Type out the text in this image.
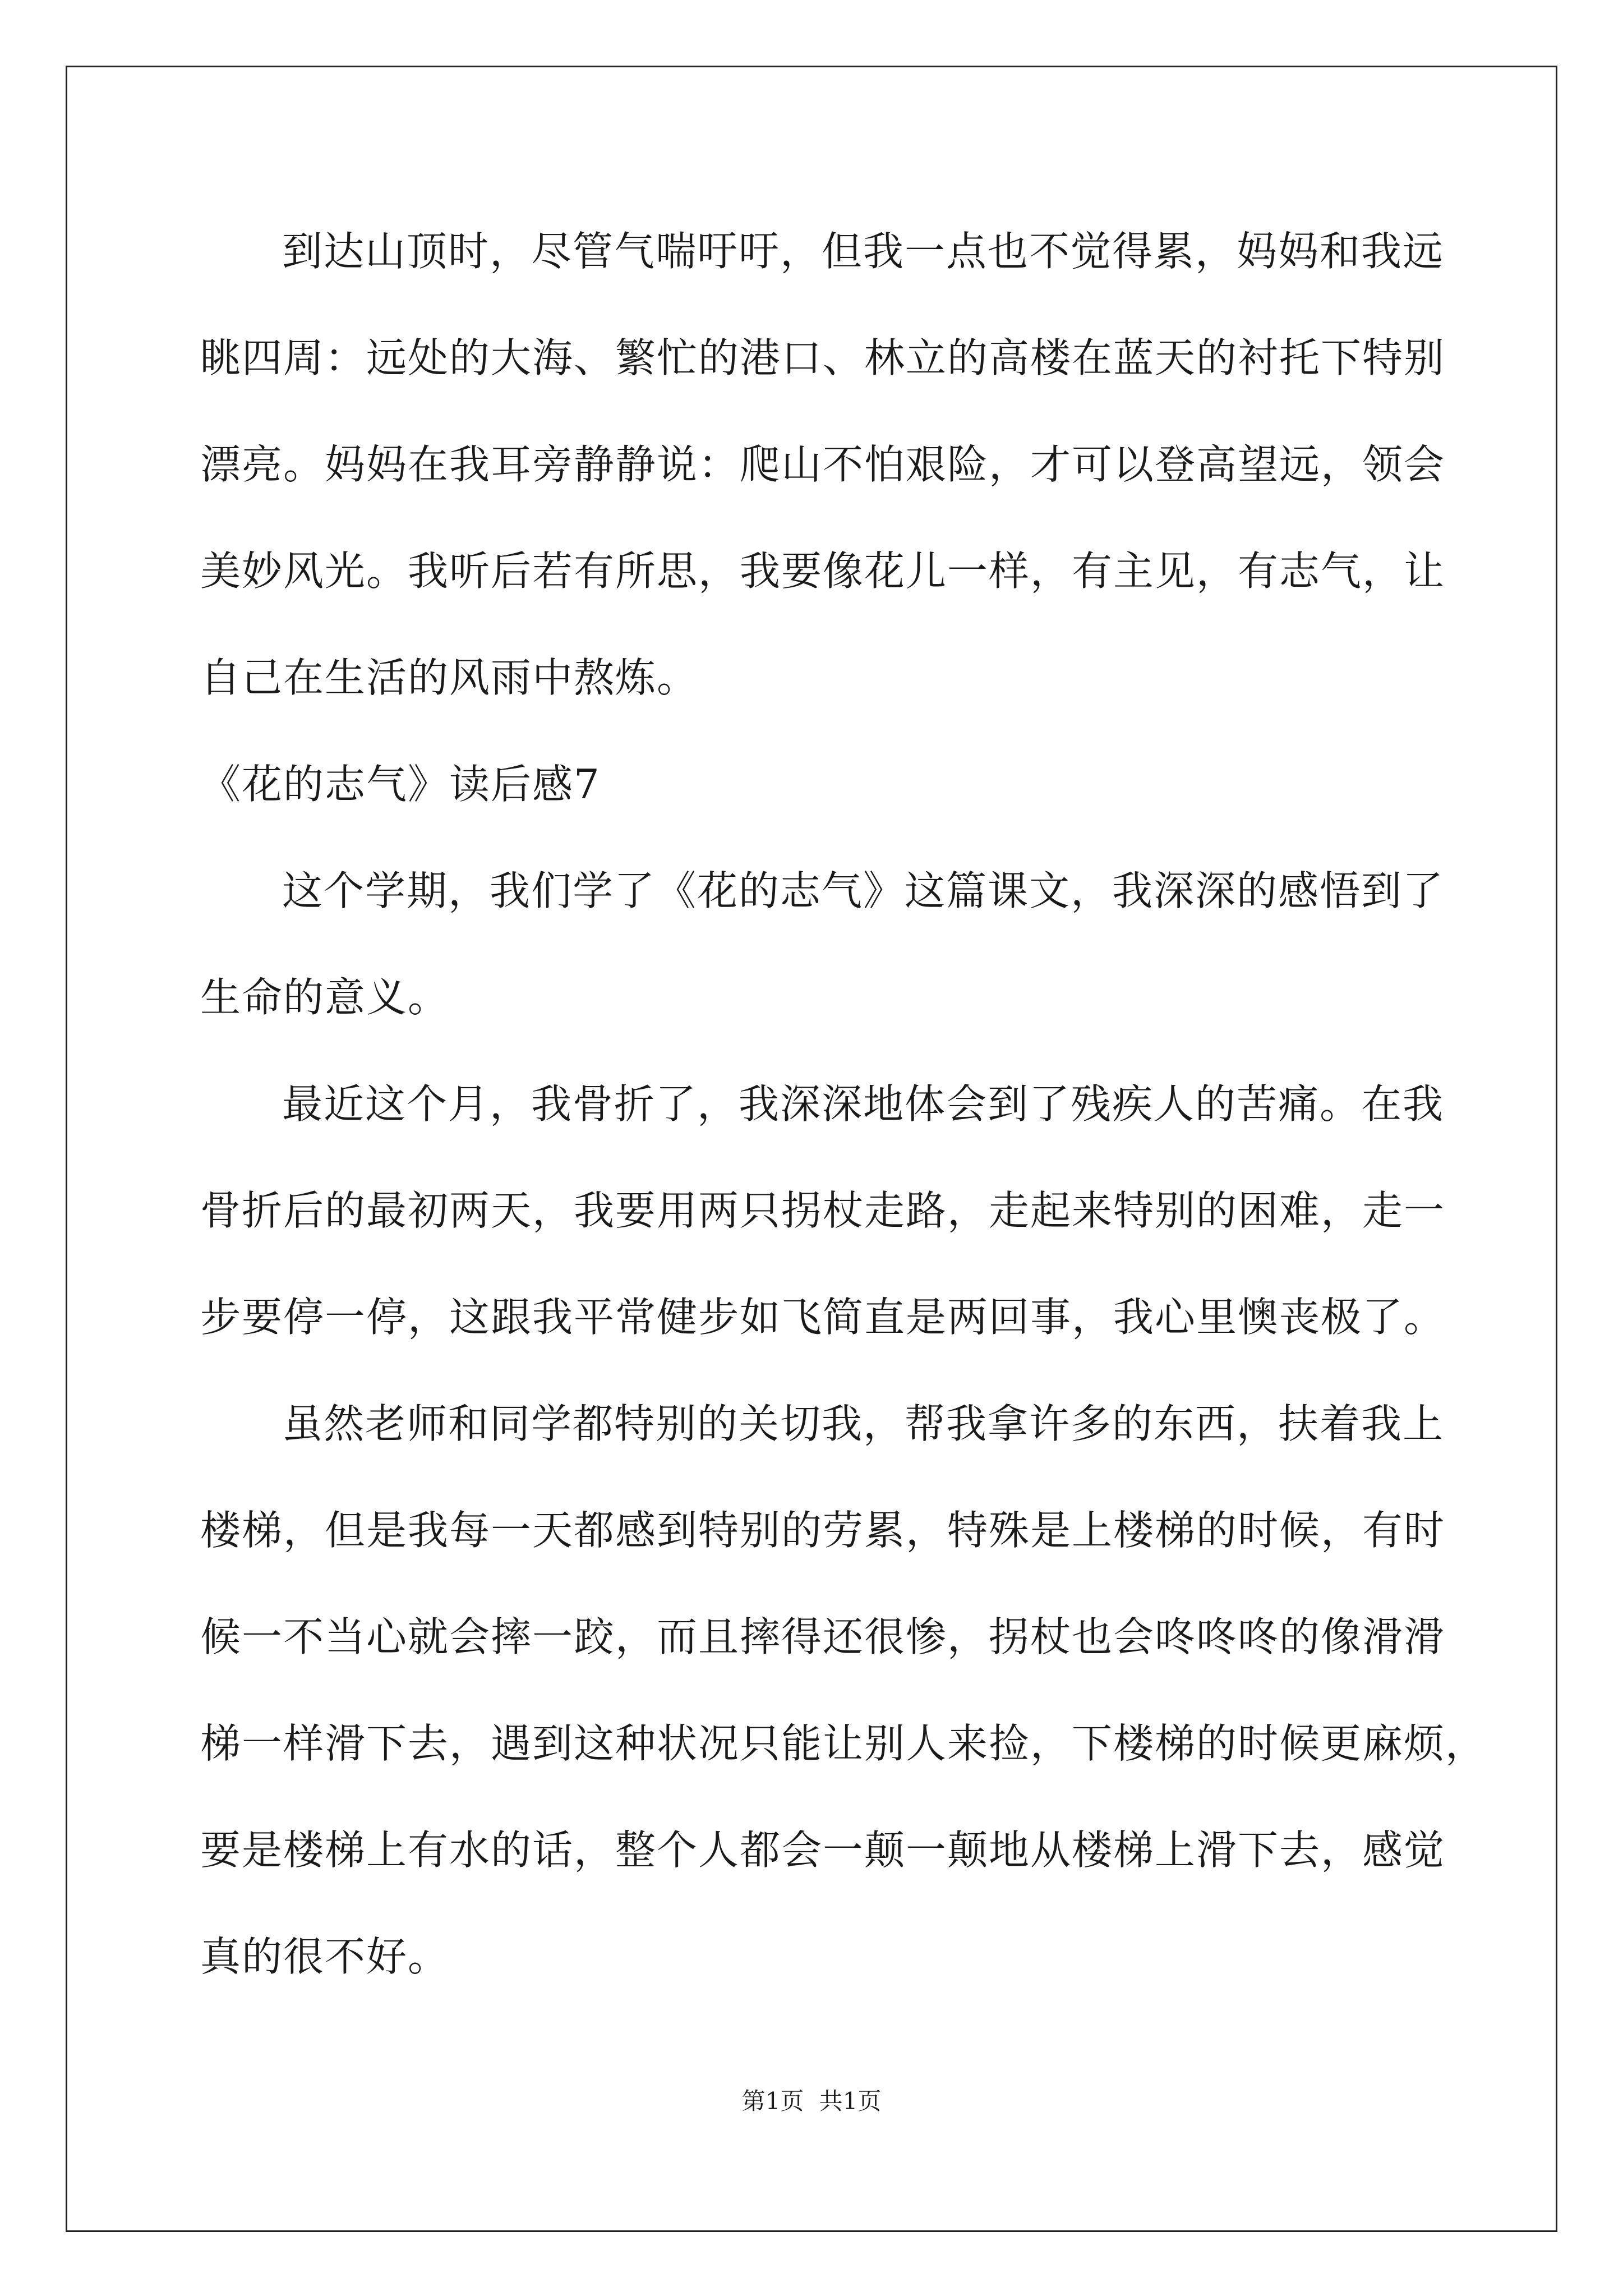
到达山顶时，尽管气喘吁吁，但我一点也不觉得累，妈妈和我远

眺四周：远处的大海、繁忙的港口、林立的高楼在蓝天的衬托下特别

漂亮。妈妈在我耳旁静静说：爬山不怕艰险，才可以登高望远，领会

美妙风光。我听后若有所思，我要像花儿一样，有主见，有志气，让

自己在生活的风雨中熬炼。

《花的志气》读后感7

这个学期，我们学了《花的志气》这篇课文，我深深的感悟到了

生命的意义。

最近这个月，我骨折了，我深深地体会到了残疾人的苦痛。在我

骨折后的最初两天，我要用两只拐杖走路，走起来特别的困难，走一

步要停一停，这跟我平常健步如飞简直是两回事，我心里懊丧极了。

虽然老师和同学都特别的关切我，帮我拿许多的东西，扶着我上

楼梯，但是我每一天都感到特别的劳累，特殊是上楼梯的时候，有时

候一不当心就会摔一跤，而且摔得还很惨，拐杖也会咚咚咚的像滑滑

梯一样滑下去，遇到这种状况只能让别人来捡，下楼梯的时候更麻烦，

要是楼梯上有水的话，整个人都会一颠一颠地从楼梯上滑下去，感觉

真的很不好。

第1页 共1页
